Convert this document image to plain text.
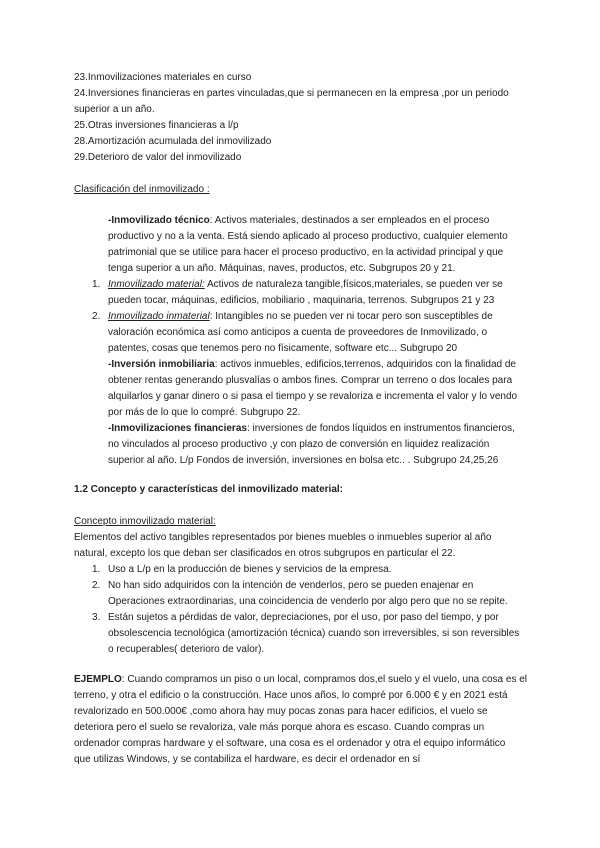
23.Inmovilizaciones materiales en curso
24.Inversiones financieras en partes vinculadas,que si permanecen en la empresa ,por un periodo
superior a un año.
25.Otras inversiones financieras a l/p
28.Amortización acumulada del inmovilizado
29.Deterioro de valor del inmovilizado
Clasificación del inmovilizado :
-Inmovilizado técnico: Activos materiales, destinados a ser empleados en el proceso
productivo y no a la venta. Está siendo aplicado al proceso productivo, cualquier elemento
patrimonial que se utilice para hacer el proceso productivo, en la actividad principal y que
tenga superior a un año. Máquinas, naves, productos, etc. Subgrupos 20 y 21.
1. Inmovilizado material: Activos de naturaleza tangible,físicos,materiales, se pueden ver se
pueden tocar, máquinas, edificios, mobiliario , maquinaria, terrenos. Subgrupos 21 y 23
2. Inmovilizado inmaterial: Intangibles no se pueden ver ni tocar pero son susceptibles de
valoración económica así como anticipos a cuenta de proveedores de Inmovilizado, o
patentes, cosas que tenemos pero no físicamente, software etc... Subgrupo 20
-Inversión inmobiliaria: activos inmuebles, edificios,terrenos, adquiridos con la finalidad de
obtener rentas generando plusvalías o ambos fines. Comprar un terreno o dos locales para
alquilarlos y ganar dinero o si pasa el tiempo y se revaloriza e incrementa el valor y lo vendo
por más de lo que lo compré. Subgrupo 22.
-Inmovilizaciones financieras: inversiones de fondos líquidos en instrumentos financieros,
no vinculados al proceso productivo ,y con plazo de conversión en liquidez realización
superior al año. L/p Fondos de inversión, inversiones en bolsa etc.. . Subgrupo 24,25,26
1.2 Concepto y características del inmovilizado material:
Concepto inmovilizado material:
Elementos del activo tangibles representados por bienes muebles o inmuebles superior al año
natural, excepto los que deban ser clasificados en otros subgrupos en particular el 22.
1. Uso a L/p en la producción de bienes y servicios de la empresa.
2. No han sido adquiridos con la intención de venderlos, pero se pueden enajenar en
Operaciones extraordinarias, una coincidencia de venderlo por algo pero que no se repite.
3. Están sujetos a pérdidas de valor, depreciaciones, por el uso, por paso del tiempo, y por
obsolescencia tecnológica (amortización técnica) cuando son irreversibles, si son reversibles
o recuperables( deterioro de valor).
EJEMPLO: Cuando compramos un piso o un local, compramos dos,el suelo y el vuelo, una cosa es el
terreno, y otra el edificio o la construcción. Hace unos años, lo compré por 6.000 € y en 2021 está
revalorizado en 500.000€ ,como ahora hay muy pocas zonas para hacer edificios, el vuelo se
deteriora pero el suelo se revaloriza, vale más porque ahora es escaso. Cuando compras un
ordenador compras hardware y el software, una cosa es el ordenador y otra el equipo informático
que utilizas Windows, y se contabiliza el hardware, es decir el ordenador en sí
